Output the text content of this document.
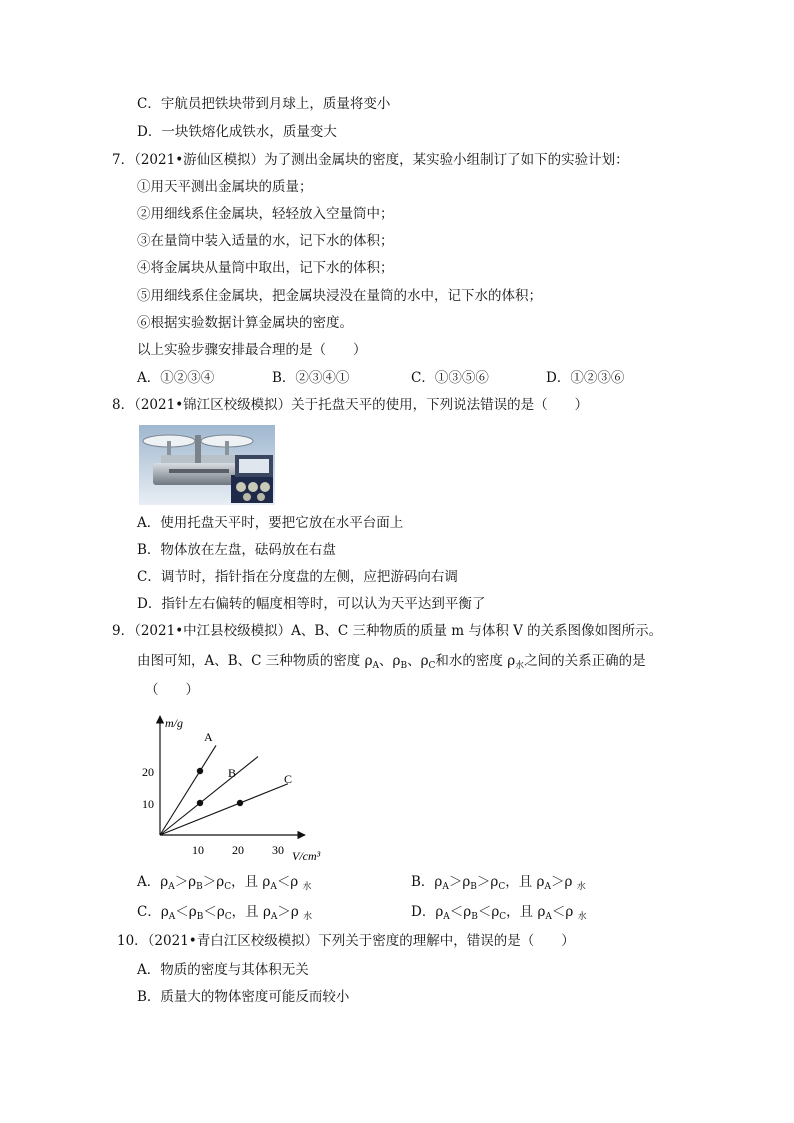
C．宇航员把铁块带到月球上，质量将变小
D．一块铁熔化成铁水，质量变大
7．（2021•游仙区模拟）为了测出金属块的密度，某实验小组制订了如下的实验计划：
①用天平测出金属块的质量；
②用细线系住金属块，轻轻放入空量筒中；
③在量筒中装入适量的水，记下水的体积；
④将金属块从量筒中取出，记下水的体积；
⑤用细线系住金属块，把金属块浸没在量筒的水中，记下水的体积；
⑥根据实验数据计算金属块的密度。
以上实验步骤安排最合理的是（　　）
A．①②③④	B．②③④①	C．①③⑤⑥	D．①②③⑥
8．（2021•锦江区校级模拟）关于托盘天平的使用，下列说法错误的是（　　）
A．使用托盘天平时，要把它放在水平台面上
B．物体放在左盘，砝码放在右盘
C．调节时，指针指在分度盘的左侧，应把游码向右调
D．指针左右偏转的幅度相等时，可以认为天平达到平衡了
9．（2021•中江县校级模拟）A、B、C 三种物质的质量 m 与体积 V 的关系图像如图所示。
由图可知，A、B、C 三种物质的密度 $\rho_A$、$\rho_B$、$\rho_C$和水的密度 $\rho_水$之间的关系正确的是
（　　）
m/g
V/cm³
10
20
10 20 30
A
B	C
A．$\rho_A>\rho_B>\rho_C$，且 $\rho_A<\rho$ $_水$	B．$\rho_A>\rho_B>\rho_C$，且 $\rho_A>\rho$ $_水$
C．$\rho_A<\rho_B<\rho_C$，且 $\rho_A>\rho$ $_水$	D．$\rho_A<\rho_B<\rho_C$，且 $\rho_A<\rho$ $_水$
10．（2021•青白江区校级模拟）下列关于密度的理解中，错误的是（　　）
A．物质的密度与其体积无关
B．质量大的物体密度可能反而较小
